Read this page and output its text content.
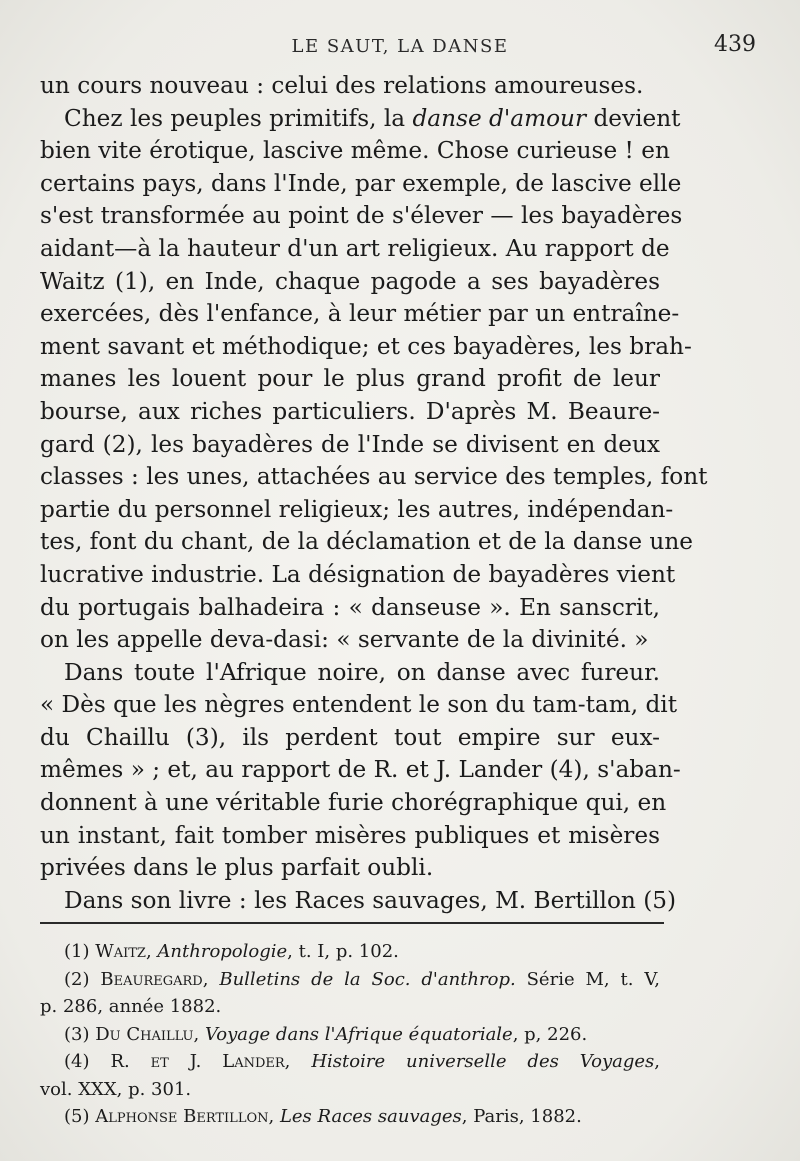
LE SAUT, LA DANSE	439
un cours nouveau : celui des relations amoureuses.
Chez les peuples primitifs, la danse d'amour devient
bien vite érotique, lascive même. Chose curieuse ! en
certains pays, dans l'Inde, par exemple, de lascive elle
s'est transformée au point de s'élever — les bayadères
aidant—à la hauteur d'un art religieux. Au rapport de
Waitz (1), en Inde, chaque pagode a ses bayadères
exercées, dès l'enfance, à leur métier par un entraîne-
ment savant et méthodique; et ces bayadères, les brah-
manes les louent pour le plus grand profit de leur
bourse, aux riches particuliers. D'après M. Beaure-
gard (2), les bayadères de l'Inde se divisent en deux
classes : les unes, attachées au service des temples, font
partie du personnel religieux; les autres, indépendan-
tes, font du chant, de la déclamation et de la danse une
lucrative industrie. La désignation de bayadères vient
du portugais balhadeira : « danseuse ». En sanscrit,
on les appelle deva-dasi: « servante de la divinité. »
Dans toute l'Afrique noire, on danse avec fureur.
« Dès que les nègres entendent le son du tam-tam, dit
du Chaillu (3), ils perdent tout empire sur eux-
mêmes » ; et, au rapport de R. et J. Lander (4), s'aban-
donnent à une véritable furie chorégraphique qui, en
un instant, fait tomber misères publiques et misères
privées dans le plus parfait oubli.
Dans son livre : les Races sauvages, M. Bertillon (5)
(1) Waitz, Anthropologie, t. I, p. 102.
(2) Beauregard, Bulletins de la Soc. d'anthrop. Série M, t. V,
p. 286, année 1882.
(3) Du Chaillu, Voyage dans l'Afrique équatoriale, p, 226.
(4) R. et J. Lander, Histoire universelle des Voyages,
vol. XXX, p. 301.
(5) Alphonse Bertillon, Les Races sauvages, Paris, 1882.
